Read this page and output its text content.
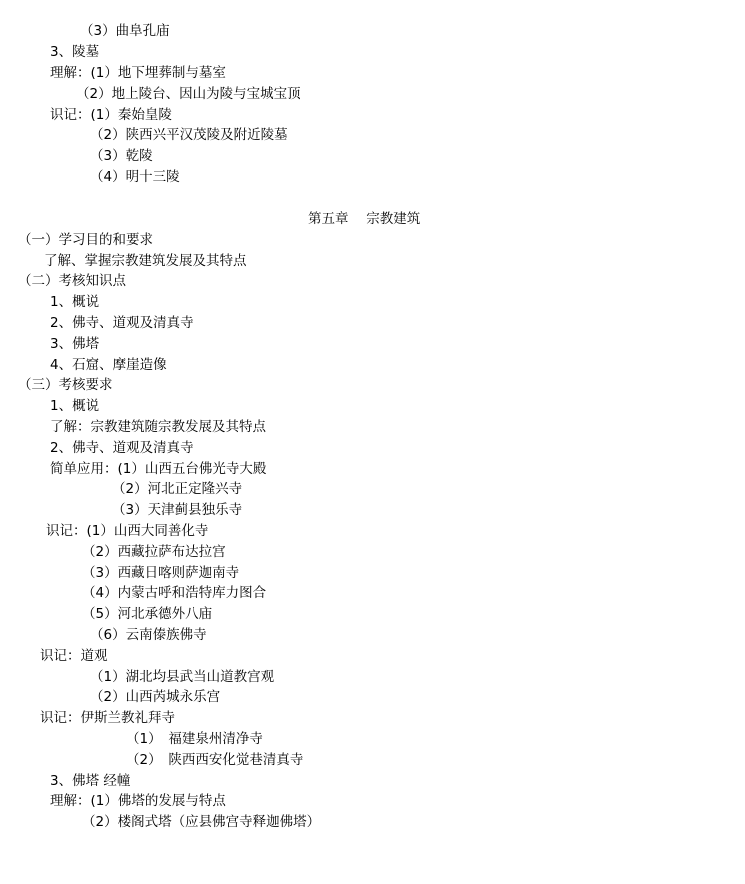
（3）曲阜孔庙
3、陵墓
理解：(1）地下埋葬制与墓室
（2）地上陵台、因山为陵与宝城宝顶
识记：(1）秦始皇陵
（2）陕西兴平汉茂陵及附近陵墓
（3）乾陵
（4）明十三陵
第五章　 宗教建筑
（一）学习目的和要求
了解、掌握宗教建筑发展及其特点
（二）考核知识点
1、概说
2、佛寺、道观及清真寺
3、佛塔
4、石窟、摩崖造像
（三）考核要求
1、概说
了解：宗教建筑随宗教发展及其特点
2、佛寺、道观及清真寺
简单应用：(1）山西五台佛光寺大殿
（2）河北正定隆兴寺
（3）天津蓟县独乐寺
识记：(1）山西大同善化寺
（2）西藏拉萨布达拉宫
（3）西藏日喀则萨迦南寺
（4）内蒙古呼和浩特库力图合
（5）河北承德外八庙
（6）云南傣族佛寺
识记：道观
（1）湖北均县武当山道教宫观
（2）山西芮城永乐宫
识记：伊斯兰教礼拜寺
（1）　福建泉州清净寺
（2）　陕西西安化觉巷清真寺
3、佛塔 经幢
理解：(1）佛塔的发展与特点
（2）楼阁式塔（应县佛宫寺释迦佛塔）
